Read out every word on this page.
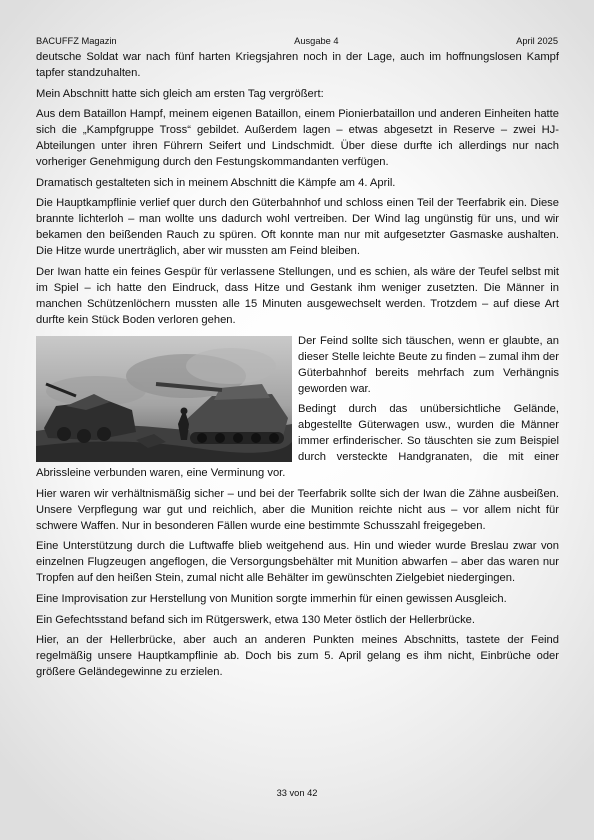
BACUFFZ Magazin	Ausgabe 4	April 2025

deutsche Soldat war nach fünf harten Kriegsjahren noch in der Lage, auch im hoffnungslosen Kampf tapfer standzuhalten.

Mein Abschnitt hatte sich gleich am ersten Tag vergrößert:

Aus dem Bataillon Hampf, meinem eigenen Bataillon, einem Pionierbataillon und anderen Einheiten hatte sich die „Kampfgruppe Tross“ gebildet. Außerdem lagen – etwas abgesetzt in Reserve – zwei HJ-Abteilungen unter ihren Führern Seifert und Lindschmidt. Über diese durfte ich allerdings nur nach vorheriger Genehmigung durch den Festungskommandanten verfügen.

Dramatisch gestalteten sich in meinem Abschnitt die Kämpfe am 4. April.

Die Hauptkampflinie verlief quer durch den Güterbahnhof und schloss einen Teil der Teerfabrik ein. Diese brannte lichterloh – man wollte uns dadurch wohl vertreiben. Der Wind lag ungünstig für uns, und wir bekamen den beißenden Rauch zu spüren. Oft konnte man nur mit aufgesetzter Gasmaske aushalten. Die Hitze wurde unerträglich, aber wir mussten am Feind bleiben.

Der Iwan hatte ein feines Gespür für verlassene Stellungen, und es schien, als wäre der Teufel selbst mit im Spiel – ich hatte den Eindruck, dass Hitze und Gestank ihm weniger zusetzten. Die Männer in manchen Schützenlöchern mussten alle 15 Minuten ausgewechselt werden. Trotzdem – auf diese Art durfte kein Stück Boden verloren gehen.

Der Feind sollte sich täuschen, wenn er glaubte, an dieser Stelle leichte Beute zu finden – zumal ihm der Güterbahnhof bereits mehrfach zum Verhängnis geworden war.

Bedingt durch das unübersichtliche Gelände, abgestellte Güterwagen usw., wurden die Männer immer erfinderischer. So täuschten sie zum Beispiel durch versteckte Handgranaten, die mit einer Abrissleine verbunden waren, eine Verminung vor.

Hier waren wir verhältnismäßig sicher – und bei der Teerfabrik sollte sich der Iwan die Zähne ausbeißen. Unsere Verpflegung war gut und reichlich, aber die Munition reichte nicht aus – vor allem nicht für schwere Waffen. Nur in besonderen Fällen wurde eine bestimmte Schusszahl freigegeben.

Eine Unterstützung durch die Luftwaffe blieb weitgehend aus. Hin und wieder wurde Breslau zwar von einzelnen Flugzeugen angeflogen, die Versorgungsbehälter mit Munition abwarfen – aber das waren nur Tropfen auf den heißen Stein, zumal nicht alle Behälter im gewünschten Zielgebiet niedergingen.

Eine Improvisation zur Herstellung von Munition sorgte immerhin für einen gewissen Ausgleich.

Ein Gefechtsstand befand sich im Rütgerswerk, etwa 130 Meter östlich der Hellerbrücke.

Hier, an der Hellerbrücke, aber auch an anderen Punkten meines Abschnitts, tastete der Feind regelmäßig unsere Hauptkampflinie ab. Doch bis zum 5. April gelang es ihm nicht, Einbrüche oder größere Geländegewinne zu erzielen.

33 von 42
